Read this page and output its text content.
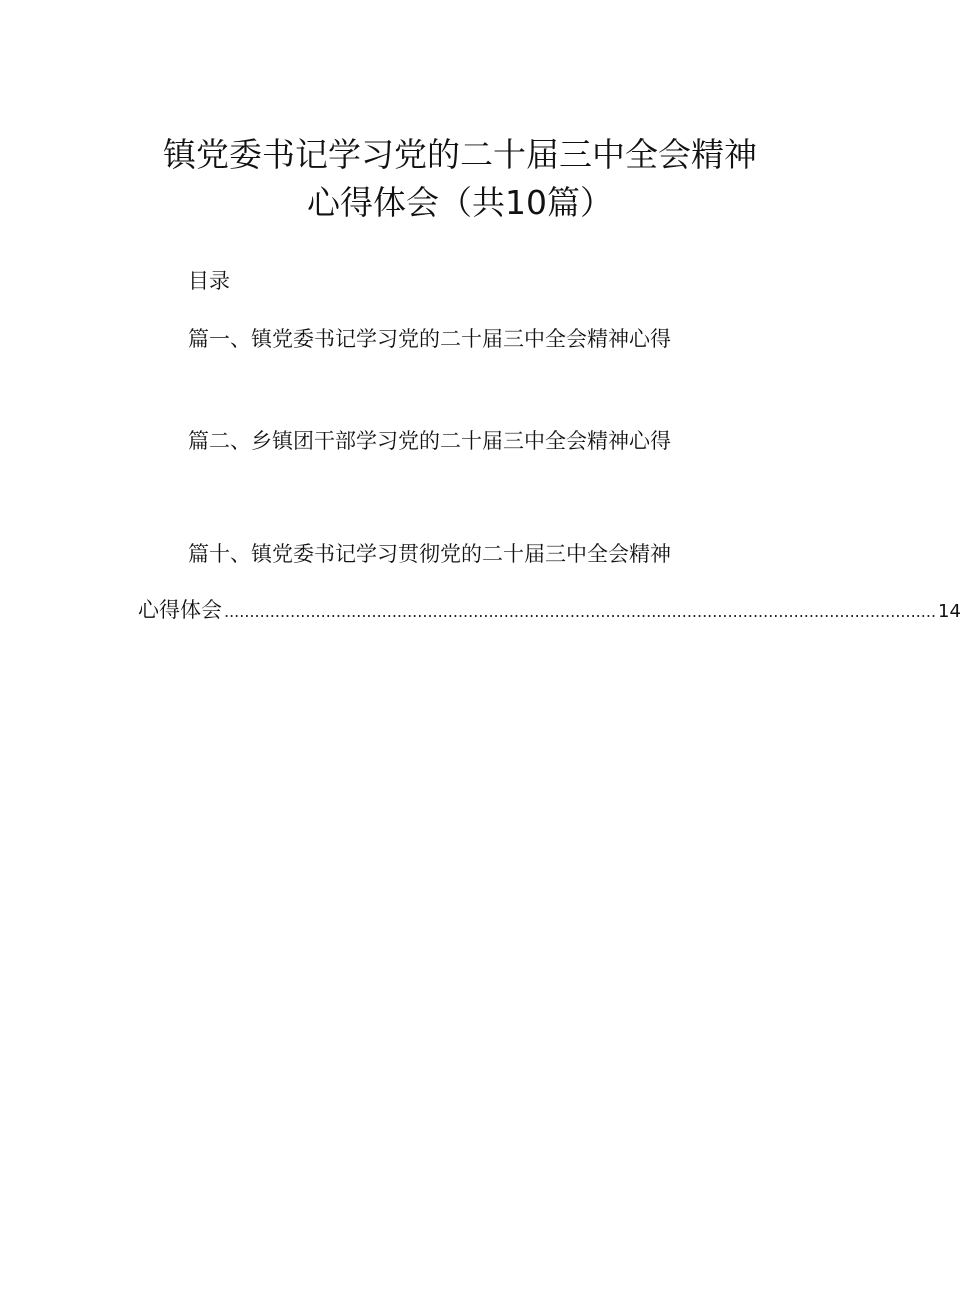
镇党委书记学习党的二十届三中全会精神
心得体会（共10篇）
目录
篇一、镇党委书记学习党的二十届三中全会精神心得
篇二、乡镇团干部学习党的二十届三中全会精神心得
篇十、镇党委书记学习贯彻党的二十届三中全会精神
心得体会 ............................................................................................................................................ 14
